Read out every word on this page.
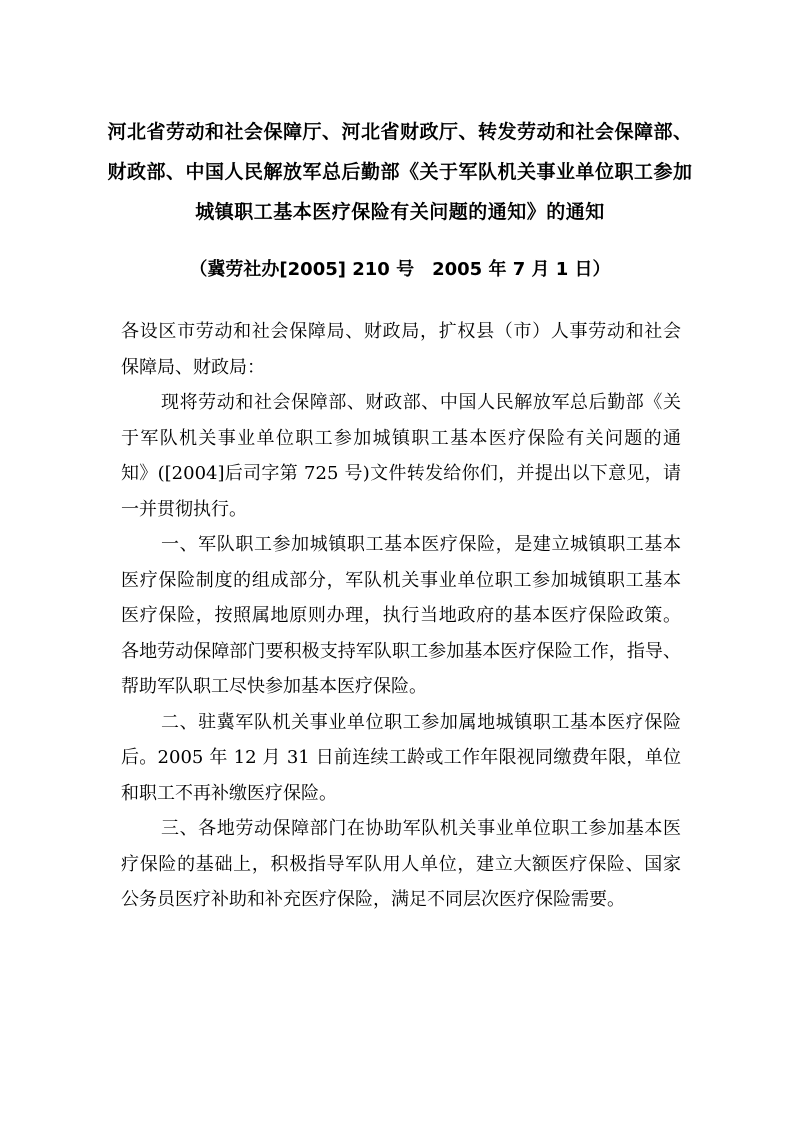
河北省劳动和社会保障厅、河北省财政厅、转发劳动和社会保障部、
财政部、中国人民解放军总后勤部《关于军队机关事业单位职工参加
城镇职工基本医疗保险有关问题的通知》的通知
（冀劳社办[2005] 210 号　2005 年 7 月 1 日）
各设区市劳动和社会保障局、财政局，扩权县（市）人事劳动和社会
保障局、财政局：
现将劳动和社会保障部、财政部、中国人民解放军总后勤部《关
于军队机关事业单位职工参加城镇职工基本医疗保险有关问题的通
知》([2004]后司字第 725 号)文件转发给你们，并提出以下意见，请
一并贯彻执行。
一、军队职工参加城镇职工基本医疗保险，是建立城镇职工基本
医疗保险制度的组成部分，军队机关事业单位职工参加城镇职工基本
医疗保险，按照属地原则办理，执行当地政府的基本医疗保险政策。
各地劳动保障部门要积极支持军队职工参加基本医疗保险工作，指导、
帮助军队职工尽快参加基本医疗保险。
二、驻冀军队机关事业单位职工参加属地城镇职工基本医疗保险
后。2005 年 12 月 31 日前连续工龄或工作年限视同缴费年限，单位
和职工不再补缴医疗保险。
三、各地劳动保障部门在协助军队机关事业单位职工参加基本医
疗保险的基础上，积极指导军队用人单位，建立大额医疗保险、国家
公务员医疗补助和补充医疗保险，满足不同层次医疗保险需要。
